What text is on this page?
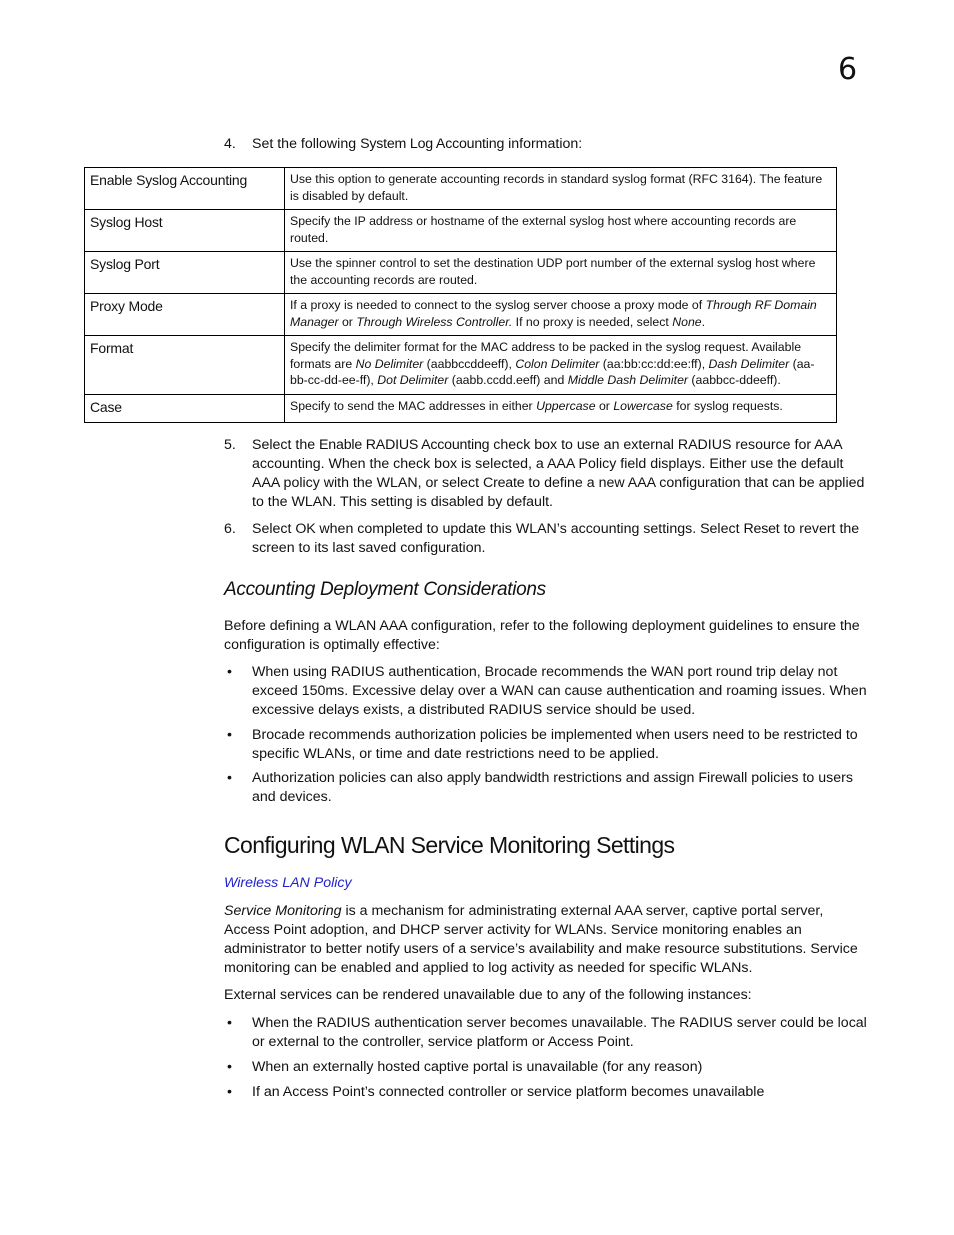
6
4. Set the following System Log Accounting information:
Enable Syslog Accounting	Use this option to generate accounting records in standard syslog format (RFC 3164). The feature is disabled by default.
Syslog Host	Specify the IP address or hostname of the external syslog host where accounting records are routed.
Syslog Port	Use the spinner control to set the destination UDP port number of the external syslog host where the accounting records are routed.
Proxy Mode	If a proxy is needed to connect to the syslog server choose a proxy mode of Through RF Domain Manager or Through Wireless Controller. If no proxy is needed, select None.
Format	Specify the delimiter format for the MAC address to be packed in the syslog request. Available formats are No Delimiter (aabbccddeeff), Colon Delimiter (aa:bb:cc:dd:ee:ff), Dash Delimiter (aa-bb-cc-dd-ee-ff), Dot Delimiter (aabb.ccdd.eeff) and Middle Dash Delimiter (aabbcc-ddeeff).
Case	Specify to send the MAC addresses in either Uppercase or Lowercase for syslog requests.
5. Select the Enable RADIUS Accounting check box to use an external RADIUS resource for AAA accounting. When the check box is selected, a AAA Policy field displays. Either use the default AAA policy with the WLAN, or select Create to define a new AAA configuration that can be applied to the WLAN. This setting is disabled by default.
6. Select OK when completed to update this WLAN’s accounting settings. Select Reset to revert the screen to its last saved configuration.
Accounting Deployment Considerations
Before defining a WLAN AAA configuration, refer to the following deployment guidelines to ensure the configuration is optimally effective:
• When using RADIUS authentication, Brocade recommends the WAN port round trip delay not exceed 150ms. Excessive delay over a WAN can cause authentication and roaming issues. When excessive delays exists, a distributed RADIUS service should be used.
• Brocade recommends authorization policies be implemented when users need to be restricted to specific WLANs, or time and date restrictions need to be applied.
• Authorization policies can also apply bandwidth restrictions and assign Firewall policies to users and devices.
Configuring WLAN Service Monitoring Settings
Wireless LAN Policy
Service Monitoring is a mechanism for administrating external AAA server, captive portal server, Access Point adoption, and DHCP server activity for WLANs. Service monitoring enables an administrator to better notify users of a service’s availability and make resource substitutions. Service monitoring can be enabled and applied to log activity as needed for specific WLANs.
External services can be rendered unavailable due to any of the following instances:
• When the RADIUS authentication server becomes unavailable. The RADIUS server could be local or external to the controller, service platform or Access Point.
• When an externally hosted captive portal is unavailable (for any reason)
• If an Access Point’s connected controller or service platform becomes unavailable
